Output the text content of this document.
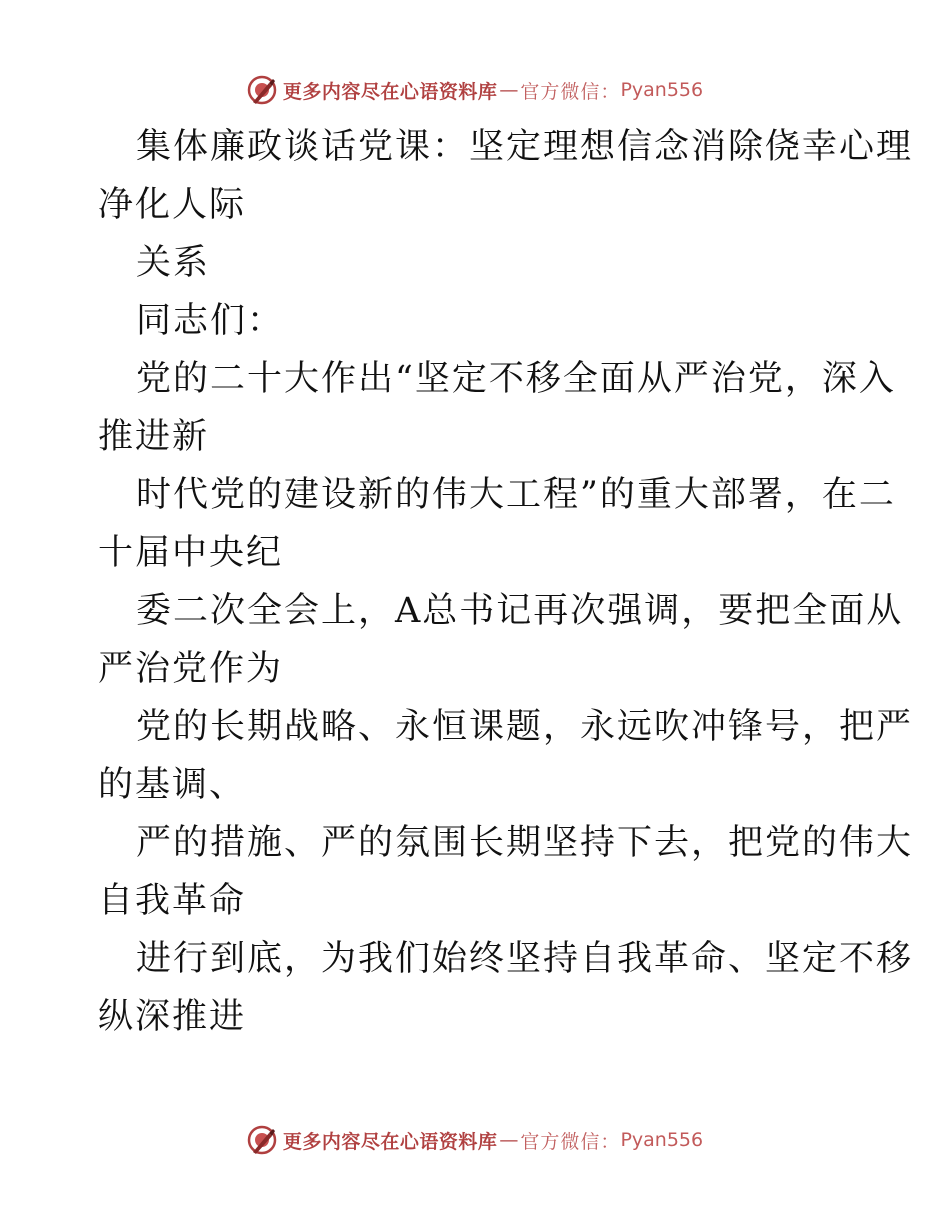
更多内容尽在心语资料库 — 官方微信： Pyan556
集体廉政谈话党课：坚定理想信念消除侥幸心理
净化人际
关系
同志们：
党的二十大作出“坚定不移全面从严治党，深入
推进新
时代党的建设新的伟大工程”的重大部署，在二
十届中央纪
委二次全会上，A总书记再次强调，要把全面从
严治党作为
党的长期战略、永恒课题，永远吹冲锋号，把严
的基调、
严的措施、严的氛围长期坚持下去，把党的伟大
自我革命
进行到底，为我们始终坚持自我革命、坚定不移
纵深推进
更多内容尽在心语资料库 — 官方微信： Pyan556
